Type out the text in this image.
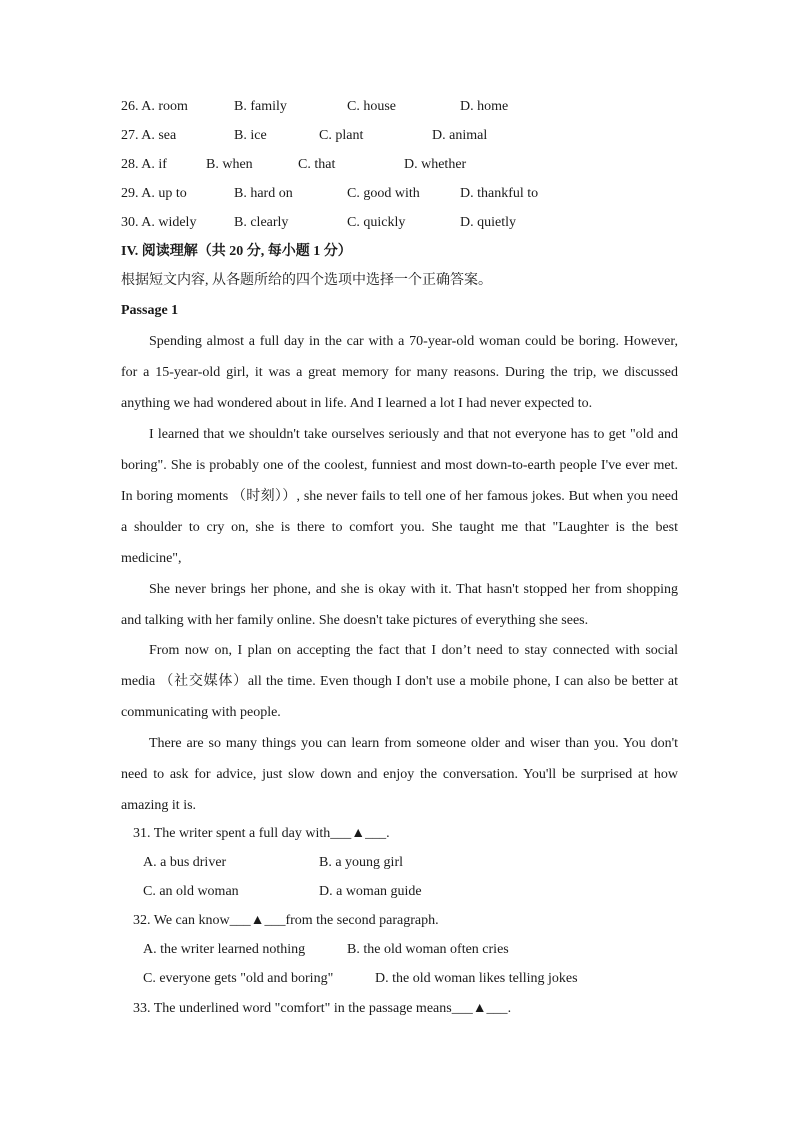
26. A. room	B. family	C. house	D. home
27. A. sea	B. ice	C. plant	D. animal
28. A. if	B. when	C. that	D. whether
29. A. up to	B. hard on	C. good with	D. thankful to
30. A. widely	B. clearly	C. quickly	D. quietly
IV. 阅读理解（共 20 分, 每小题 1 分）
根据短文内容, 从各题所给的四个选项中选择一个正确答案。
Passage 1
Spending almost a full day in the car with a 70-year-old woman could be boring. However, for a 15-year-old girl, it was a great memory for many reasons. During the trip, we discussed anything we had wondered about in life. And I learned a lot I had never expected to.
I learned that we shouldn't take ourselves seriously and that not everyone has to get "old and boring". She is probably one of the coolest, funniest and most down-to-earth people I've ever met. In boring moments （时刻））, she never fails to tell one of her famous jokes. But when you need a shoulder to cry on, she is there to comfort you. She taught me that "Laughter is the best medicine",
She never brings her phone, and she is okay with it. That hasn't stopped her from shopping and talking with her family online. She doesn't take pictures of everything she sees.
From now on, I plan on accepting the fact that I don’t need to stay connected with social media （社交媒体）all the time. Even though I don't use a mobile phone, I can also be better at communicating with people.
There are so many things you can learn from someone older and wiser than you. You don't need to ask for advice, just slow down and enjoy the conversation. You'll be surprised at how amazing it is.
31. The writer spent a full day with___▲___.
A. a bus driver	B. a young girl
C. an old woman	D. a woman guide
32. We can know___▲___from the second paragraph.
A. the writer learned nothing	B. the old woman often cries
C. everyone gets "old and boring"	D. the old woman likes telling jokes
33. The underlined word "comfort" in the passage means___▲___.
